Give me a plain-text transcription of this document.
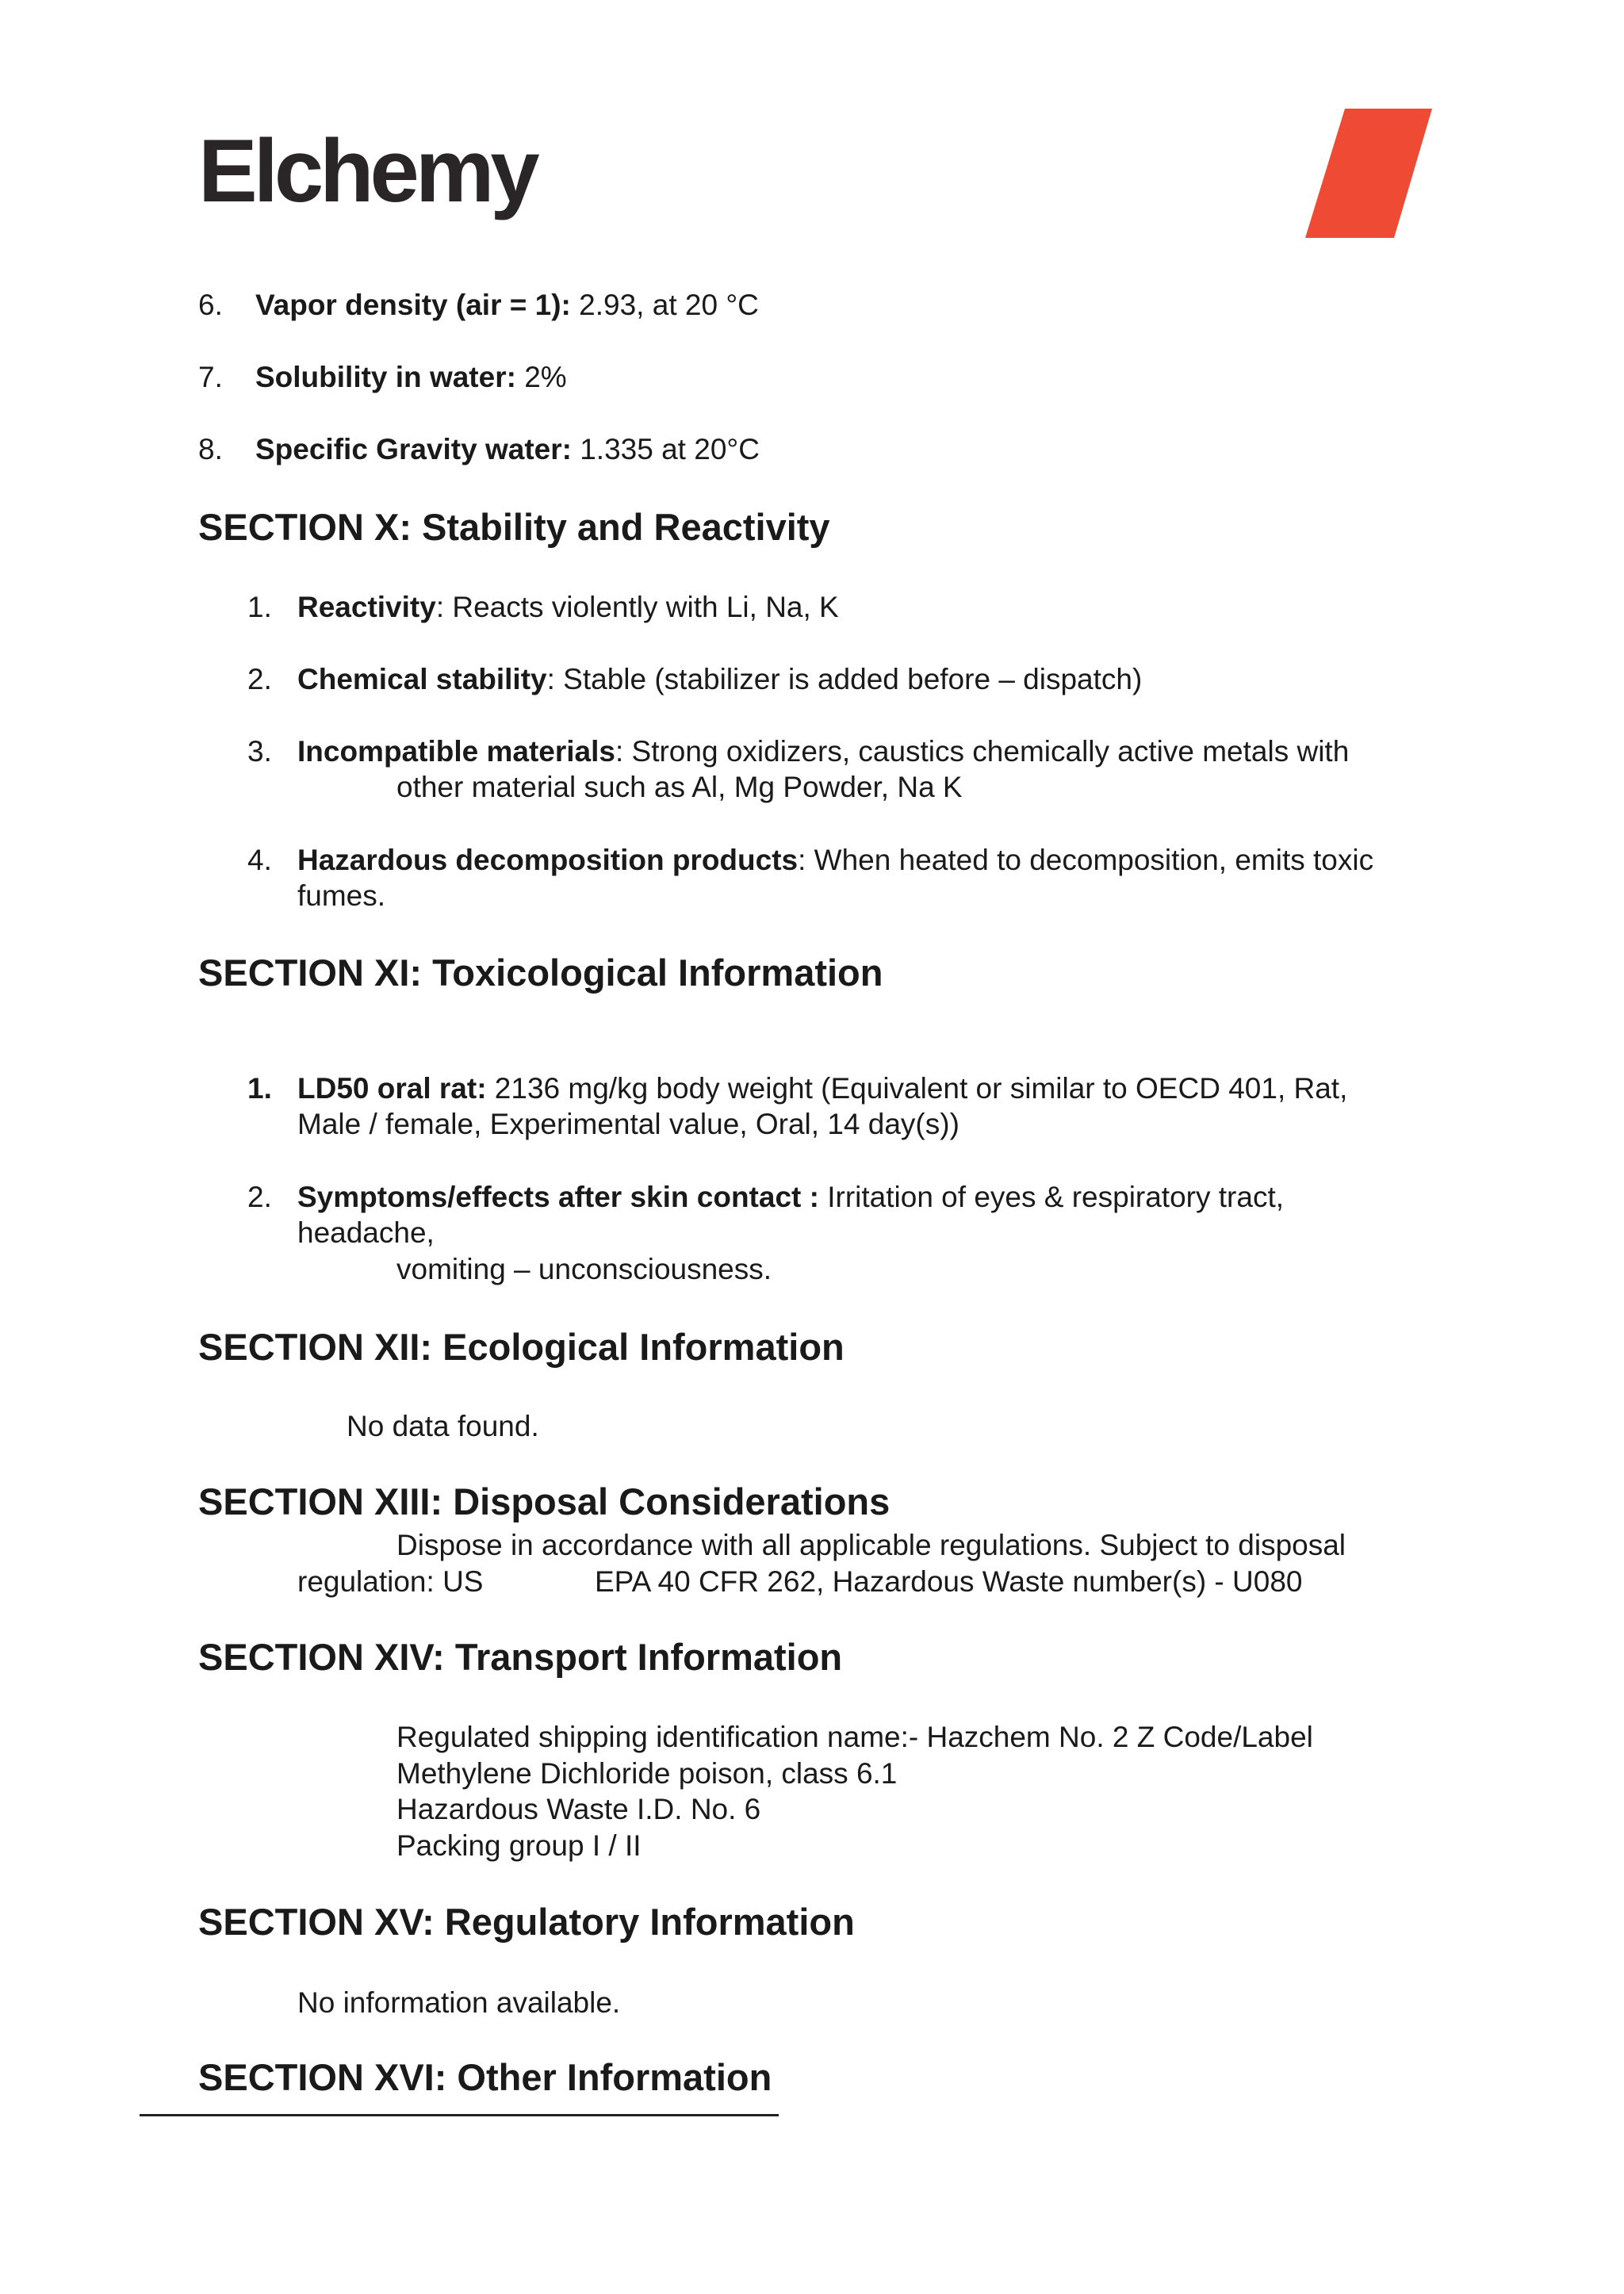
Elchemy
6. Vapor density (air = 1): 2.93, at 20 °C
7. Solubility in water: 2%
8. Specific Gravity water: 1.335 at 20°C
SECTION X: Stability and Reactivity
1. Reactivity: Reacts violently with Li, Na, K
2. Chemical stability: Stable (stabilizer is added before – dispatch)
3. Incompatible materials: Strong oxidizers, caustics chemically active metals with
other material such as Al, Mg Powder, Na K
4. Hazardous decomposition products: When heated to decomposition, emits toxic
fumes.
SECTION XI: Toxicological Information
1. LD50 oral rat: 2136 mg/kg body weight (Equivalent or similar to OECD 401, Rat,
Male / female, Experimental value, Oral, 14 day(s))
2. Symptoms/effects after skin contact : Irritation of eyes & respiratory tract,
headache,
vomiting – unconsciousness.
SECTION XII: Ecological Information
No data found.
SECTION XIII: Disposal Considerations
Dispose in accordance with all applicable regulations. Subject to disposal
regulation: US	EPA 40 CFR 262, Hazardous Waste number(s) - U080
SECTION XIV: Transport Information
Regulated shipping identification name:- Hazchem No. 2 Z Code/Label
Methylene Dichloride poison, class 6.1
Hazardous Waste I.D. No. 6
Packing group I / II
SECTION XV: Regulatory Information
No information available.
SECTION XVI: Other Information
